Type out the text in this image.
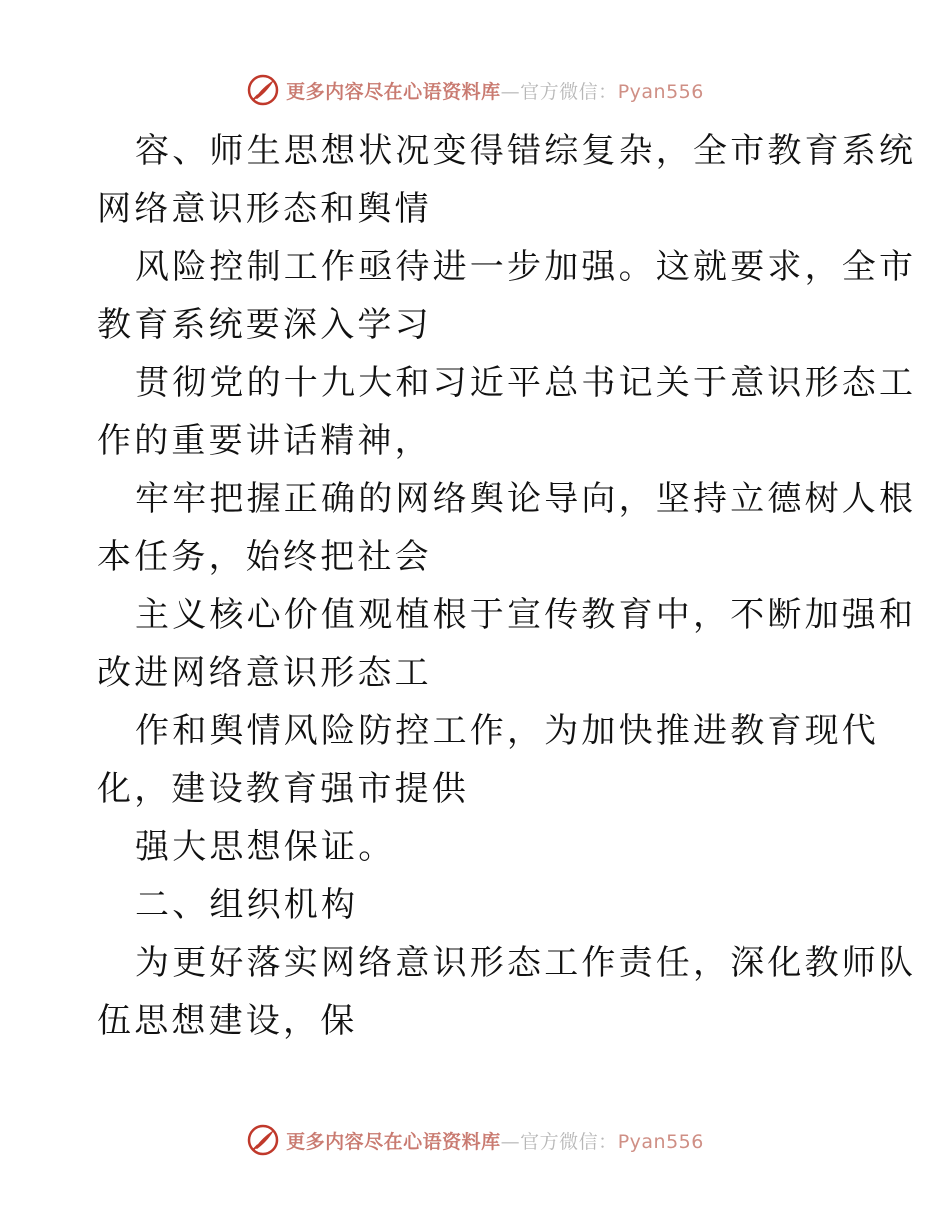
更多内容尽在心语资料库—官方微信：Pyan556
容、师生思想状况变得错综复杂，全市教育系统
网络意识形态和舆情
风险控制工作亟待进一步加强。这就要求，全市
教育系统要深入学习
贯彻党的十九大和习近平总书记关于意识形态工
作的重要讲话精神，
牢牢把握正确的网络舆论导向，坚持立德树人根
本任务，始终把社会
主义核心价值观植根于宣传教育中，不断加强和
改进网络意识形态工
作和舆情风险防控工作，为加快推进教育现代
化，建设教育强市提供
强大思想保证。
二、组织机构
为更好落实网络意识形态工作责任，深化教师队
伍思想建设，保
更多内容尽在心语资料库—官方微信：Pyan556
